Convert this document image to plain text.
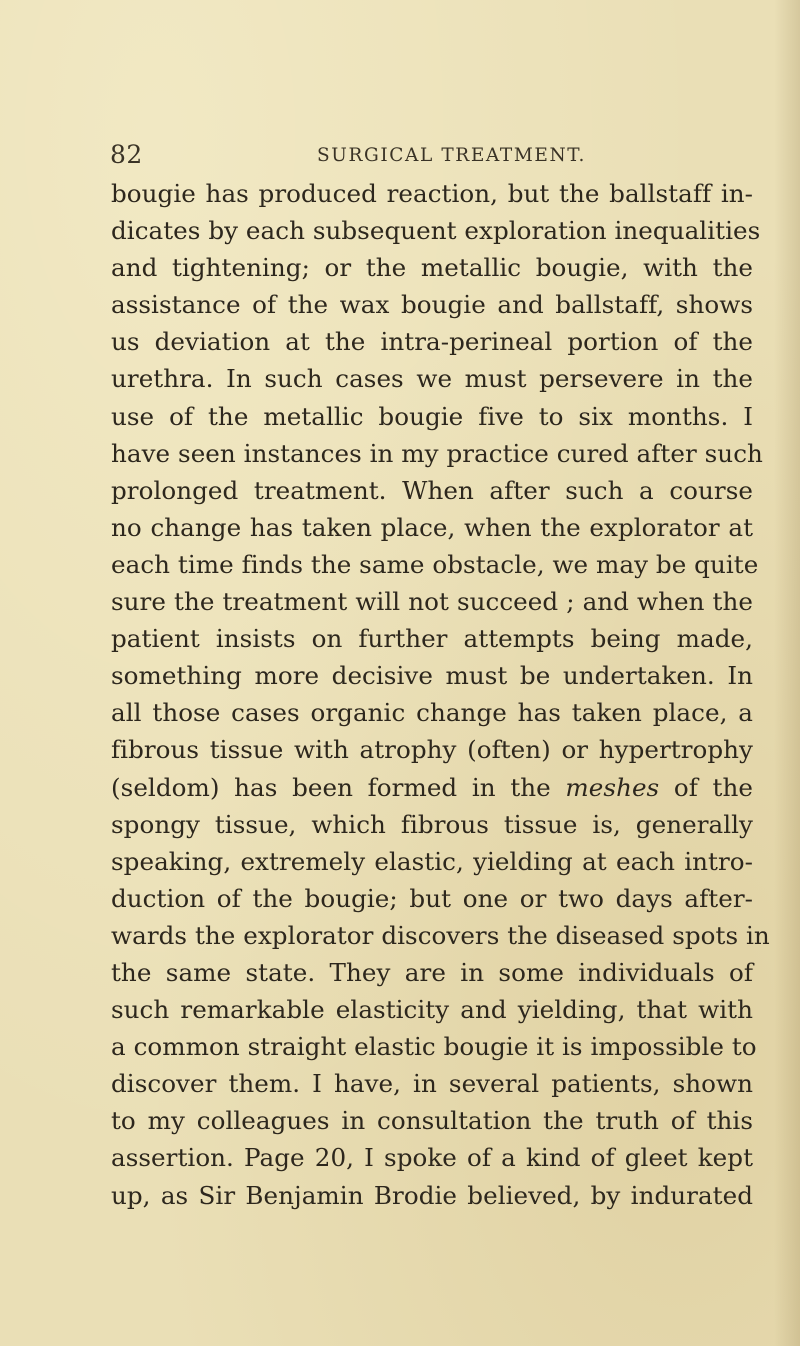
82	SURGICAL TREATMENT.
bougie has produced reaction, but the ballstaff in-
dicates by each subsequent exploration inequalities
and tightening; or the metallic bougie, with the
assistance of the wax bougie and ballstaff, shows
us deviation at the intra-perineal portion of the
urethra. In such cases we must persevere in the
use of the metallic bougie five to six months. I
have seen instances in my practice cured after such
prolonged treatment. When after such a course
no change has taken place, when the explorator at
each time finds the same obstacle, we may be quite
sure the treatment will not succeed ; and when the
patient insists on further attempts being made,
something more decisive must be undertaken. In
all those cases organic change has taken place, a
fibrous tissue with atrophy (often) or hypertrophy
(seldom) has been formed in the meshes of the
spongy tissue, which fibrous tissue is, generally
speaking, extremely elastic, yielding at each intro-
duction of the bougie; but one or two days after-
wards the explorator discovers the diseased spots in
the same state. They are in some individuals of
such remarkable elasticity and yielding, that with
a common straight elastic bougie it is impossible to
discover them. I have, in several patients, shown
to my colleagues in consultation the truth of this
assertion. Page 20, I spoke of a kind of gleet kept
up, as Sir Benjamin Brodie believed, by indurated
